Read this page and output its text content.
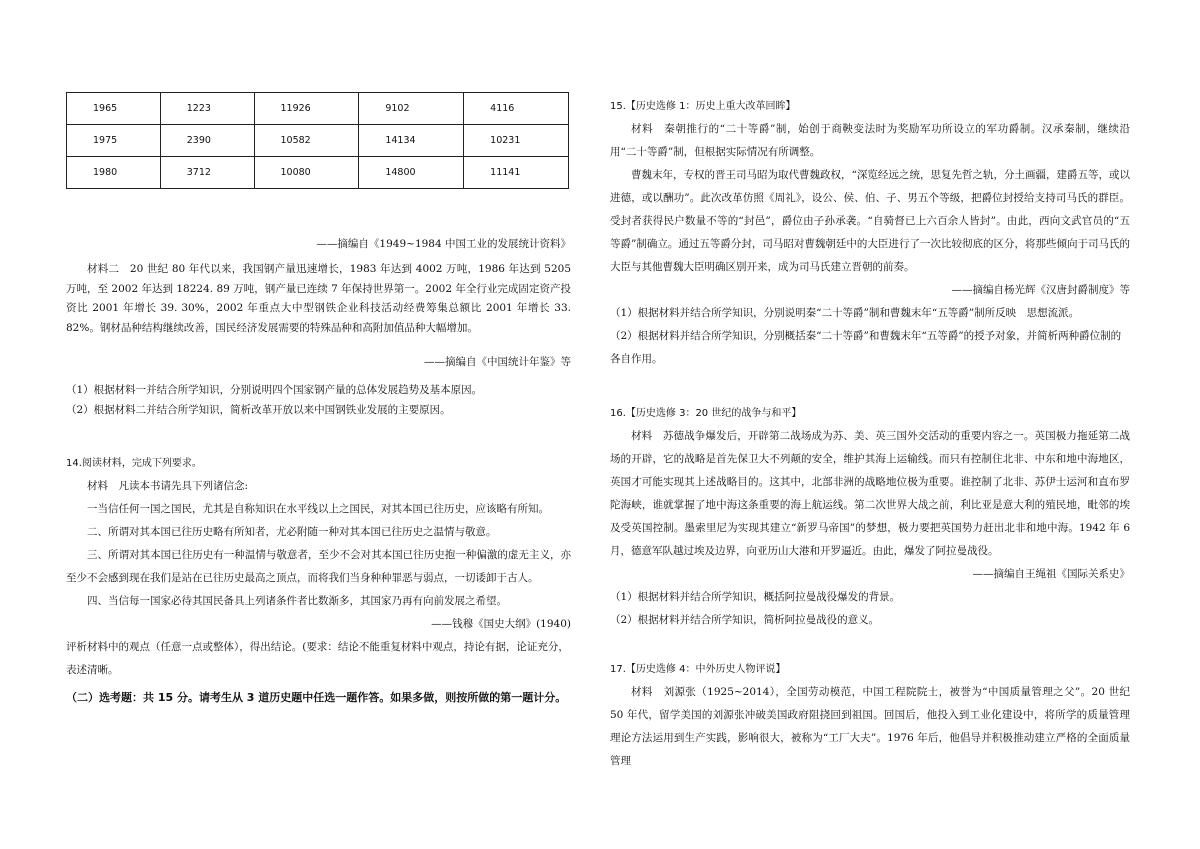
1965	1223	11926	9102	4116
1975	2390	10582	14134	10231
1980	3712	10080	14800	11141

——摘编自《1949~1984 中国工业的发展统计资料》

材料二　20 世纪 80 年代以来，我国钢产量迅速增长，1983 年达到 4002 万吨，1986 年达到 5205 万吨，至 2002 年达到 18224. 89 万吨，钢产量已连续 7 年保持世界第一。2002 年全行业完成固定资产投资比 2001 年增长 39. 30%，2002 年重点大中型钢铁企业科技活动经费筹集总额比 2001 年增长 33. 82%。钢材品种结构继续改善，国民经济发展需要的特殊品种和高附加值品种大幅增加。

——摘编自《中国统计年鉴》等

（1）根据材料一并结合所学知识，分别说明四个国家钢产量的总体发展趋势及基本原因。

（2）根据材料二并结合所学知识，简析改革开放以来中国钢铁业发展的主要原因。

14.阅读材料，完成下列要求。

材料　凡读本书请先具下列诸信念:

一当信任何一国之国民，尤其是自称知识在水平线以上之国民，对其本国已往历史，应该略有所知。

二、所谓对其本国已往历史略有所知者，尤必附随一种对其本国已往历史之温情与敬意。

三、所谓对其本国已往历史有一种温情与敬意者，至少不会对其本国已往历史抱一种偏激的虚无主义，亦至少不会感到现在我们是站在已往历史最高之顶点，而将我们当身种种罪恶与弱点，一切诿卸于古人。

四、当信每一国家必待其国民备具上列诸条件者比数渐多，其国家乃再有向前发展之希望。

——钱穆《国史大纲》(1940)

评析材料中的观点（任意一点或整体），得出结论。(要求：结论不能重复材料中观点，持论有据，论证充分，表述清晰。

（二）选考题：共 15 分。请考生从 3 道历史题中任选一题作答。如果多做，则按所做的第一题计分。

15.【历史选修 1：历史上重大改革回眸】

材料　秦朝推行的“二十等爵”制，始创于商鞅变法时为奖励军功所设立的军功爵制。汉承秦制，继续沿用“二十等爵”制，但根据实际情况有所调整。

曹魏末年，专权的晋王司马昭为取代曹魏政权，“深览经远之统，思复先哲之轨，分土画疆，建爵五等，或以进德，或以酬功”。此次改革仿照《周礼》，设公、侯、伯、子、男五个等级，把爵位封授给支持司马氏的群臣。受封者获得民户数量不等的“封邑”，爵位由子孙承袭。“自骑督已上六百余人皆封”。由此，西向文武官员的“五等爵”制确立。通过五等爵分封，司马昭对曹魏朝廷中的大臣进行了一次比较彻底的区分，将那些倾向于司马氏的大臣与其他曹魏大臣明确区别开来，成为司马氏建立晋朝的前奏。

——摘编自杨光辉《汉唐封爵制度》等

（1）根据材料并结合所学知识，分别说明秦“二十等爵”制和曹魏末年“五等爵”制所反映　思想流派。

（2）根据材料并结合所学知识，分别概括秦“二十等爵”和曹魏末年“五等爵”的授予对象，并简析两种爵位制的各自作用。

16.【历史选修 3：20 世纪的战争与和平】

材料　苏德战争爆发后，开辟第二战场成为苏、美、英三国外交活动的重要内容之一。英国极力拖延第二战场的开辟，它的战略是首先保卫大不列颠的安全，维护其海上运输线。而只有控制住北非、中东和地中海地区，英国才可能实现其上述战略目的。这其中，北部非洲的战略地位极为重要。谁控制了北非、苏伊士运河和直布罗陀海峡，谁就掌握了地中海这条重要的海上航运线。第二次世界大战之前，利比亚是意大利的殖民地，毗邻的埃及受英国控制。墨索里尼为实现其建立“新罗马帝国”的梦想，极力要把英国势力赶出北非和地中海。1942 年 6 月，德意军队越过埃及边界，向亚历山大港和开罗逼近。由此，爆发了阿拉曼战役。

——摘编自王绳祖《国际关系史》

（1）根据材料并结合所学知识，概括阿拉曼战役爆发的背景。

（2）根据材料并结合所学知识，简析阿拉曼战役的意义。

17.【历史选修 4：中外历史人物评说】

材料　刘源张（1925~2014），全国劳动模范，中国工程院院士，被誉为“中国质量管理之父”。20 世纪 50 年代，留学美国的刘源张冲破美国政府阻挠回到祖国。回国后，他投入到工业化建设中，将所学的质量管理理论方法运用到生产实践，影响很大，被称为“工厂大夫”。1976 年后，他倡导并积极推动建立严格的全面质量管理
